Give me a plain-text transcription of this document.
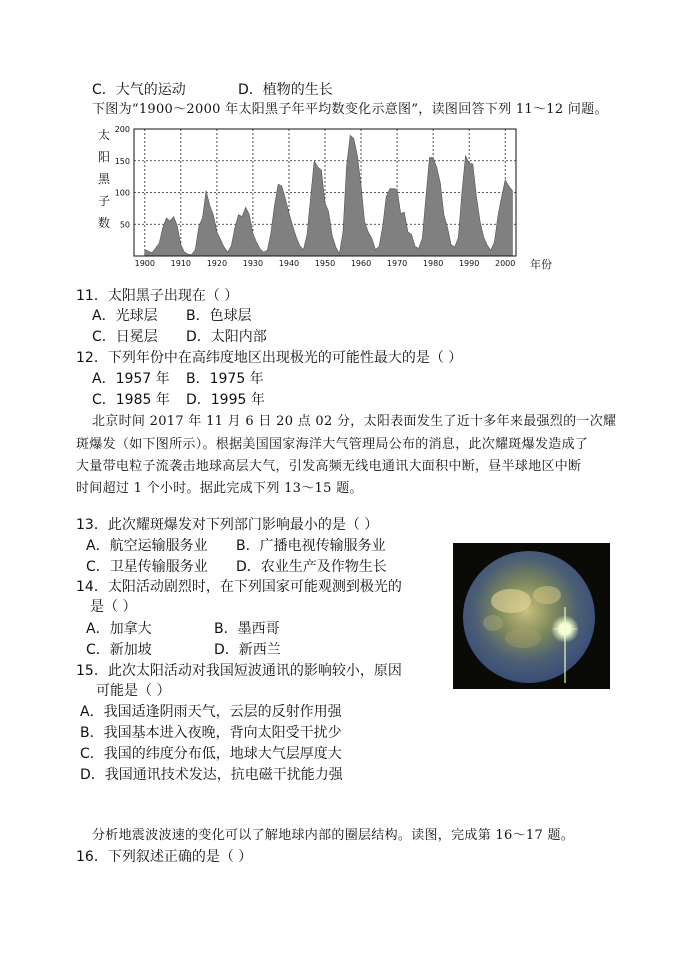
C．大气的运动	D．植物的生长
下图为“1900～2000 年太阳黑子年平均数变化示意图”，读图回答下列 11～12 问题。
太
阳
黑
子
数 50
100
150
200
1900 1910 1920 1930 1940 1950 1960 1970 1980 1990 2000 年份
11．太阳黑子出现在（ ）
A．光球层 B．色球层
C．日冕层 D．太阳内部
12．下列年份中在高纬度地区出现极光的可能性最大的是（ ）
A．1957 年 B．1975 年
C．1985 年 D．1995 年
北京时间 2017 年 11 月 6 日 20 点 02 分，太阳表面发生了近十多年来最强烈的一次耀
斑爆发（如下图所示）。根据美国国家海洋大气管理局公布的消息，此次耀斑爆发造成了
大量带电粒子流袭击地球高层大气，引发高频无线电通讯大面积中断，昼半球地区中断
时间超过 1 个小时。据此完成下列 13～15 题。
13．此次耀斑爆发对下列部门影响最小的是（ ）
A．航空运输服务业 B．广播电视传输服务业
C．卫星传输服务业 D．农业生产及作物生长
14．太阳活动剧烈时，在下列国家可能观测到极光的
是（ ）
A．加拿大	B．墨西哥
C．新加坡	D．新西兰
15．此次太阳活动对我国短波通讯的影响较小，原因
可能是（ ）
A．我国适逢阴雨天气，云层的反射作用强
B．我国基本进入夜晚，背向太阳受干扰少
C．我国的纬度分布低，地球大气层厚度大
D．我国通讯技术发达，抗电磁干扰能力强
分析地震波波速的变化可以了解地球内部的圈层结构。读图，完成第 16～17 题。
16．下列叙述正确的是（ ）
